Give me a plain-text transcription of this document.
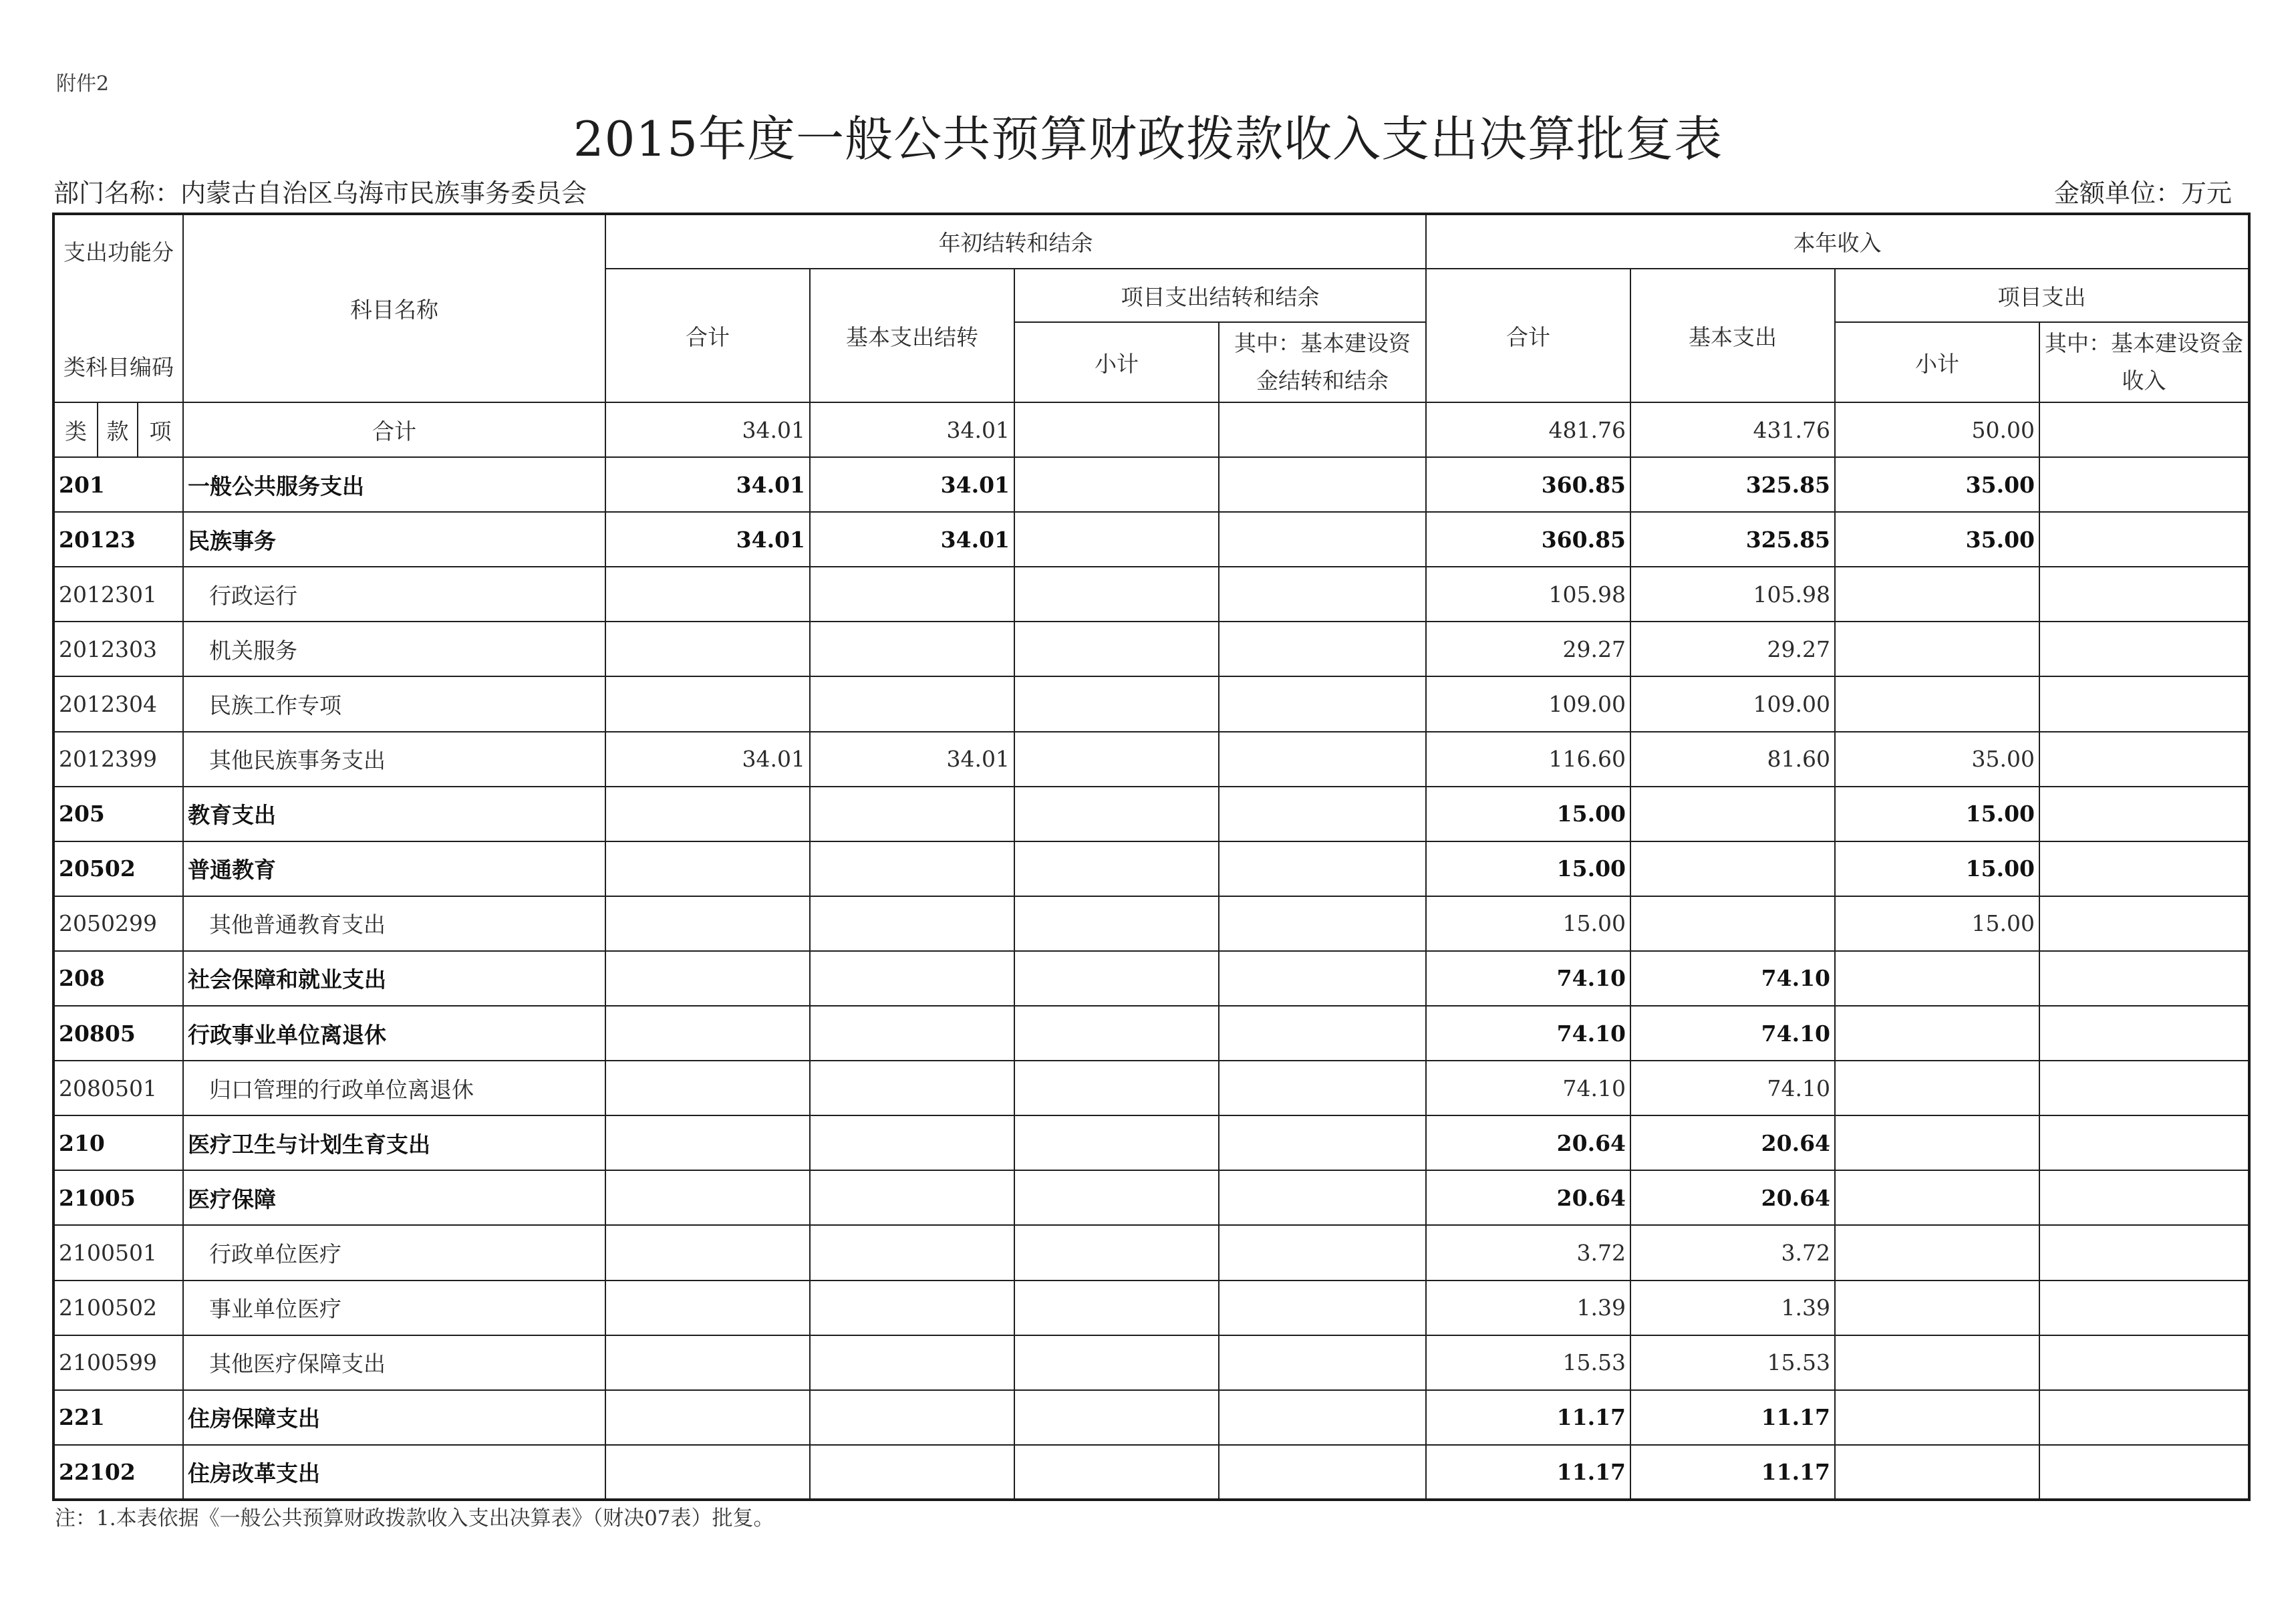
附件2
2015年度一般公共预算财政拨款收入支出决算批复表
部门名称：内蒙古自治区乌海市民族事务委员会	金额单位：万元
支出功能分
类科目编码			科目名称	年初结转和结余				本年收入			
				合计	基本支出结转	项目支出结转和结余		合计	基本支出	项目支出	
						小计	其中：基本建设资金结转和结余			小计	其中：基本建设资金收入
类	款	项	合计	34.01	34.01			481.76	431.76	50.00	
201			一般公共服务支出	34.01	34.01			360.85	325.85	35.00	
20123			民族事务	34.01	34.01			360.85	325.85	35.00	
2012301			行政运行					105.98	105.98		
2012303			机关服务					29.27	29.27		
2012304			民族工作专项					109.00	109.00		
2012399			其他民族事务支出	34.01	34.01			116.60	81.60	35.00	
205			教育支出					15.00		15.00	
20502			普通教育					15.00		15.00	
2050299			其他普通教育支出					15.00		15.00	
208			社会保障和就业支出					74.10	74.10		
20805			行政事业单位离退休					74.10	74.10		
2080501			归口管理的行政单位离退休					74.10	74.10		
210			医疗卫生与计划生育支出					20.64	20.64		
21005			医疗保障					20.64	20.64		
2100501			行政单位医疗					3.72	3.72		
2100502			事业单位医疗					1.39	1.39		
2100599			其他医疗保障支出					15.53	15.53		
221			住房保障支出					11.17	11.17		
22102			住房改革支出					11.17	11.17		
注：1.本表依据《一般公共预算财政拨款收入支出决算表》（财决07表）批复。
